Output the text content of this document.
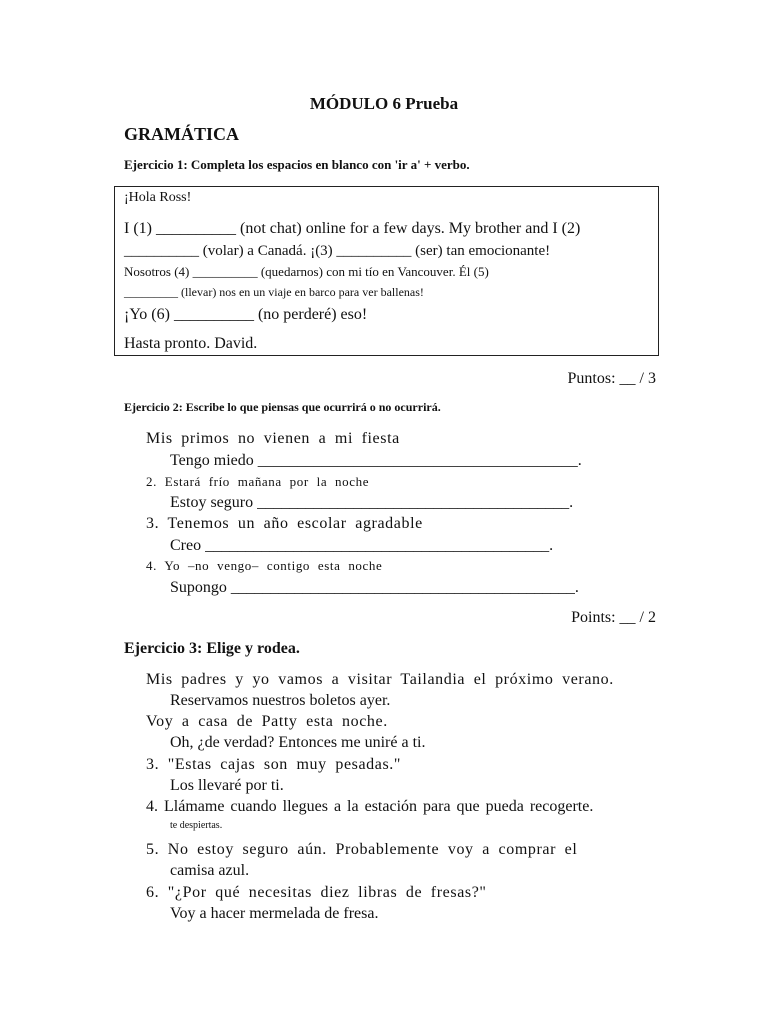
MÓDULO 6 Prueba
GRAMÁTICA
Ejercicio 1: Completa los espacios en blanco con 'ir a' + verbo.
¡Hola Ross!
I (1) __________ (not chat) online for a few days. My brother and I (2)
__________ (volar) a Canadá. ¡(3) __________ (ser) tan emocionante!
Nosotros (4) __________ (quedarnos) con mi tío en Vancouver. Él (5)
_________ (llevar) nos en un viaje en barco para ver ballenas!
¡Yo (6) __________ (no perderé) eso!
Hasta pronto. David.
Puntos: __ / 3
Ejercicio 2: Escribe lo que piensas que ocurrirá o no ocurrirá.
Mis primos no vienen a mi fiesta
Tengo miedo ________________________________________.
2. Estará frío mañana por la noche
Estoy seguro _______________________________________.
3. Tenemos un año escolar agradable
Creo ___________________________________________.
4. Yo –no vengo– contigo esta noche
Supongo ___________________________________________.
Points: __ / 2
Ejercicio 3: Elige y rodea.
Mis padres y yo vamos a visitar Tailandia el próximo verano.
Reservamos nuestros boletos ayer.
Voy a casa de Patty esta noche.
Oh, ¿de verdad? Entonces me uniré a ti.
3. "Estas cajas son muy pesadas."
Los llevaré por ti.
4. Llámame cuando llegues a la estación para que pueda recogerte.
te despiertas.
5. No estoy seguro aún. Probablemente voy a comprar el
camisa azul.
6. "¿Por qué necesitas diez libras de fresas?"
Voy a hacer mermelada de fresa.
